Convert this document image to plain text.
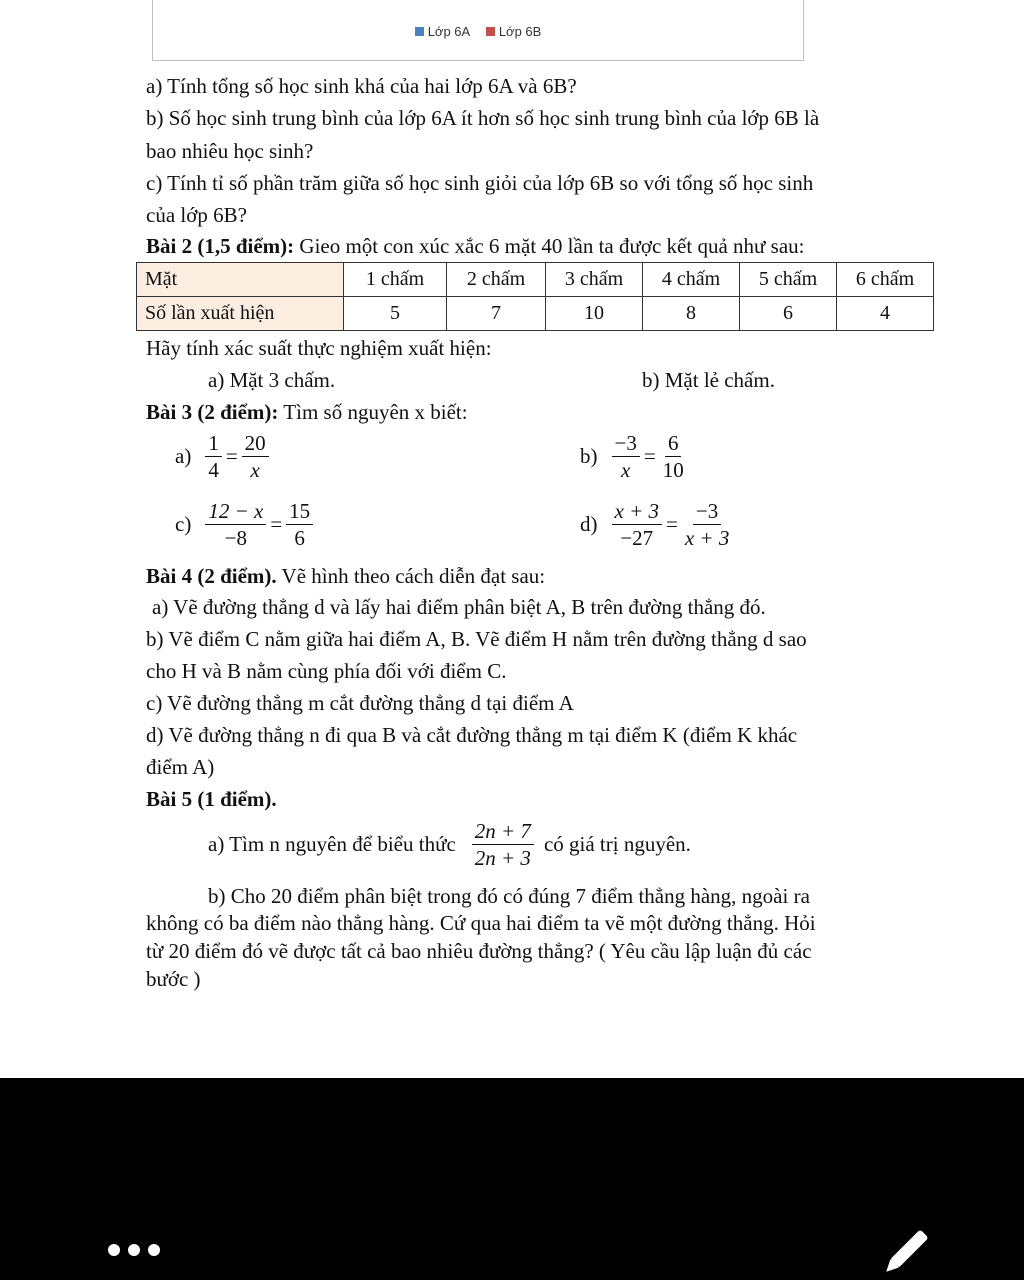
Lớp 6A
Lớp 6B
a) Tính tổng số học sinh khá của hai lớp 6A và 6B?
b) Số học sinh trung bình của lớp 6A ít hơn số học sinh trung bình của lớp 6B là
bao nhiêu học sinh?
c) Tính tỉ số phần trăm giữa số học sinh giỏi của lớp 6B so với tổng số học sinh
của lớp 6B?
Bài 2 (1,5 điểm): Gieo một con xúc xắc 6 mặt 40 lần ta được kết quả như sau:
Mặt	1 chấm	2 chấm	3 chấm	4 chấm	5 chấm	6 chấm
Số lần xuất hiện	5	7	10	8	6	4
Hãy tính xác suất thực nghiệm xuất hiện:
a) Mặt 3 chấm.	b) Mặt lẻ chấm.
Bài 3 (2 điểm): Tìm số nguyên x biết:
$a) \frac{1}{4} = \frac{20}{x}$	$b) \frac{-3}{x} = \frac{6}{10}$
$c) \frac{12 - x}{-8} = \frac{15}{6}$	$d) \frac{x + 3}{-27} = \frac{-3}{x + 3}$
Bài 4 (2 điểm). Vẽ hình theo cách diễn đạt sau:
a) Vẽ đường thẳng d và lấy hai điểm phân biệt A, B trên đường thẳng đó.
b) Vẽ điểm C nằm giữa hai điểm A, B. Vẽ điểm H nằm trên đường thẳng d sao
cho H và B nằm cùng phía đối với điểm C.
c) Vẽ đường thẳng m cắt đường thẳng d tại điểm A
d) Vẽ đường thẳng n đi qua B và cắt đường thẳng m tại điểm K (điểm K khác
điểm A)
Bài 5 (1 điểm).
a) Tìm n nguyên để biểu thức $\frac{2n + 7}{2n + 3}$ có giá trị nguyên.
b) Cho 20 điểm phân biệt trong đó có đúng 7 điểm thẳng hàng, ngoài ra
không có ba điểm nào thẳng hàng. Cứ qua hai điểm ta vẽ một đường thẳng. Hỏi
từ 20 điểm đó vẽ được tất cả bao nhiêu đường thẳng? ( Yêu cầu lập luận đủ các
bước )
